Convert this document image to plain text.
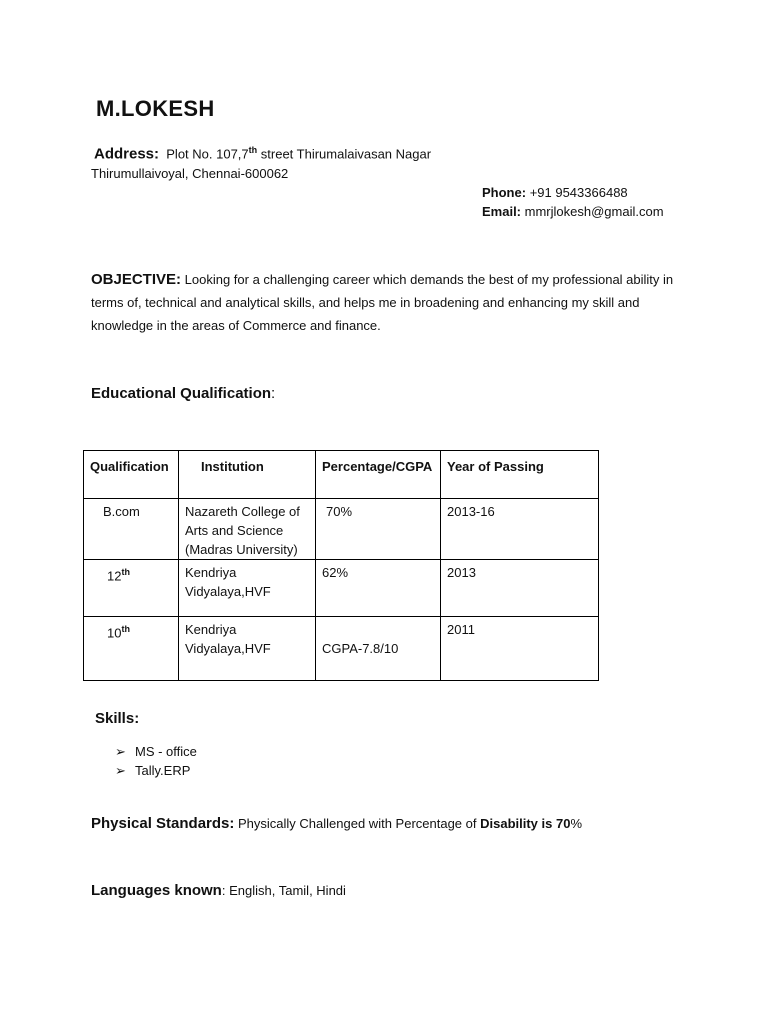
M.LOKESH
Address: Plot No. 107,7th street Thirumalaivasan Nagar
Thirumullaivoyal, Chennai-600062
Phone: +91 9543366488
Email: mmrjlokesh@gmail.com
OBJECTIVE: Looking for a challenging career which demands the best of my professional ability in terms of, technical and analytical skills, and helps me in broadening and enhancing my skill and knowledge in the areas of Commerce and finance.
Educational Qualification:
Qualification	Institution	Percentage/CGPA	Year of Passing

B.com	Nazareth College of Arts and Science (Madras University)	70%	2013-16

12th	Kendriya Vidyalaya,HVF	62%	2013

10th	Kendriya Vidyalaya,HVF	CGPA-7.8/10	2011
Skills:
➢ MS - office
➢ Tally.ERP
Physical Standards: Physically Challenged with Percentage of Disability is 70%
Languages known: English, Tamil, Hindi
